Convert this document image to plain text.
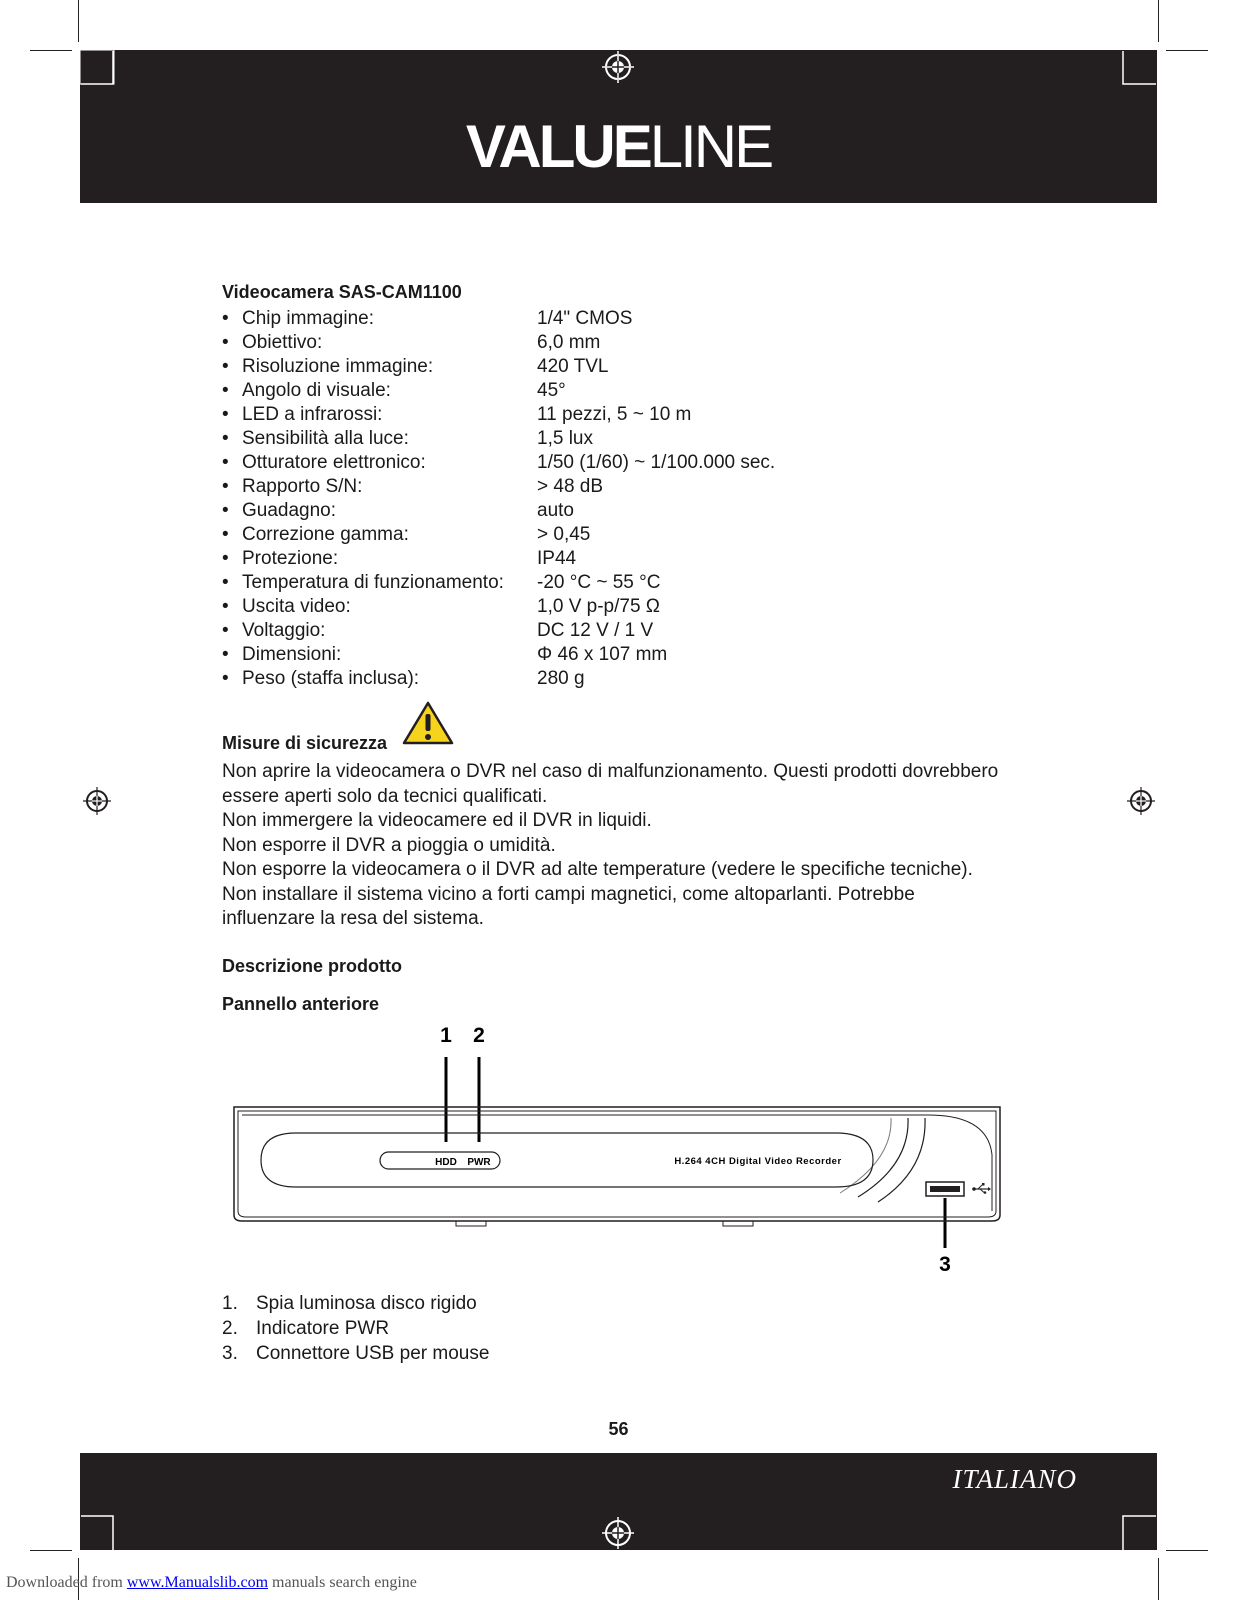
VALUELINE
Videocamera SAS-CAM1100
• Chip immagine:	1/4" CMOS
• Obiettivo:	6,0 mm
• Risoluzione immagine:	420 TVL
• Angolo di visuale:	45°
• LED a infrarossi:	11 pezzi, 5 ~ 10 m
• Sensibilità alla luce:	1,5 lux
• Otturatore elettronico:	1/50 (1/60) ~ 1/100.000 sec.
• Rapporto S/N:	> 48 dB
• Guadagno:	auto
• Correzione gamma:	> 0,45
• Protezione:	IP44
• Temperatura di funzionamento: -20 °C ~ 55 °C
• Uscita video:	1,0 V p-p/75 Ω
• Voltaggio:	DC 12 V / 1 V
• Dimensioni:	Φ 46 x 107 mm
• Peso (staffa inclusa):	280 g
Misure di sicurezza

Non aprire la videocamera o DVR nel caso di malfunzionamento. Questi prodotti dovrebbero

essere aperti solo da tecnici qualificati.

Non immergere la videocamere ed il DVR in liquidi.

Non esporre il DVR a pioggia o umidità.

Non esporre la videocamera o il DVR ad alte temperature (vedere le specifiche tecniche).

Non installare il sistema vicino a forti campi magnetici, come altoparlanti. Potrebbe

influenzare la resa del sistema.

Descrizione prodotto
Pannello anteriore
1 2
3
HDD PWR	H.264 4CH Digital Video Recorder
1. Spia luminosa disco rigido
2. Indicatore PWR
3. Connettore USB per mouse
56
ITALIANO
Downloaded from www.Manualslib.com manuals search engine
